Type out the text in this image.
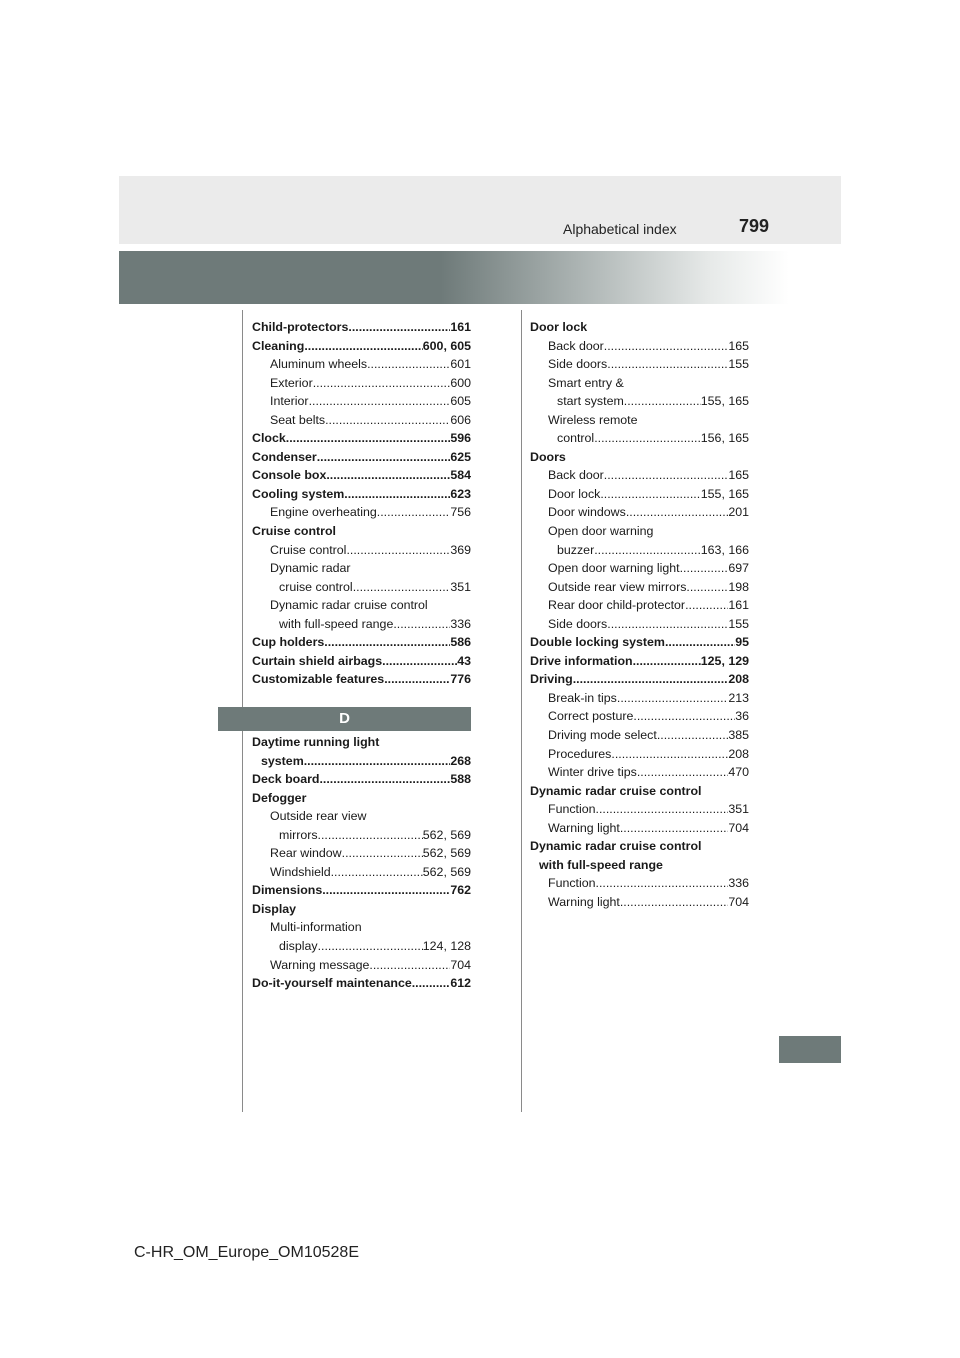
Alphabetical index	799
Child-protectors .....	161
Cleaning .....	600, 605
Aluminum wheels .....	601
Exterior .....	600
Interior .....	605
Seat belts .....	606
Clock .....	596
Condenser .....	625
Console box .....	584
Cooling system .....	623
Engine overheating .....	756
Cruise control
Cruise control .....	369
Dynamic radar
cruise control .....	351
Dynamic radar cruise control
with full-speed range .....	336
Cup holders .....	586
Curtain shield airbags .....	43
Customizable features .....	776
D
Daytime running light
system .....	268
Deck board .....	588
Defogger
Outside rear view
mirrors .....	562, 569
Rear window .....	562, 569
Windshield .....	562, 569
Dimensions .....	762
Display
Multi-information
display .....	124, 128
Warning message .....	704
Do-it-yourself maintenance .....	612
Door lock
Back door .....	165
Side doors .....	155
Smart entry &
start system .....	155, 165
Wireless remote
control .....	156, 165
Doors
Back door .....	165
Door lock .....	155, 165
Door windows .....	201
Open door warning
buzzer .....	163, 166
Open door warning light .....	697
Outside rear view mirrors .....	198
Rear door child-protector .....	161
Side doors .....	155
Double locking system .....	95
Drive information .....	125, 129
Driving .....	208
Break-in tips .....	213
Correct posture .....	36
Driving mode select .....	385
Procedures .....	208
Winter drive tips .....	470
Dynamic radar cruise control
Function .....	351
Warning light .....	704
Dynamic radar cruise control
with full-speed range
Function .....	336
Warning light .....	704
C-HR_OM_Europe_OM10528E
